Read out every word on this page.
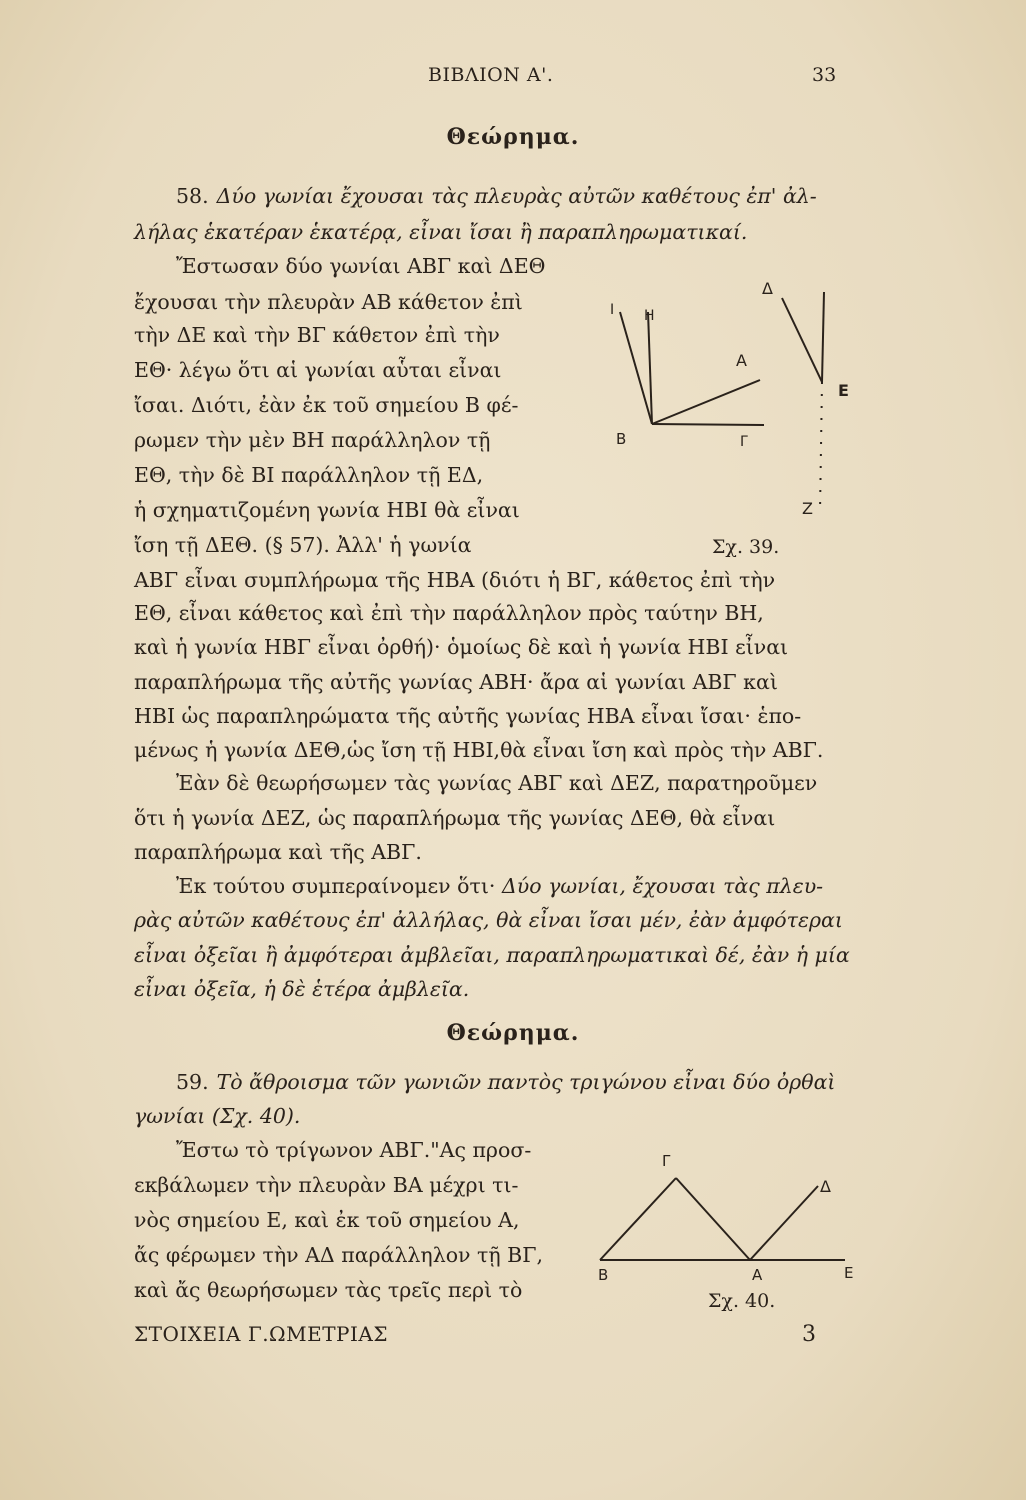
ΒΙΒΛΙΟΝ Α'.	33
Θεώρημα.
58. Δύο γωνίαι ἔχουσαι τὰς πλευρὰς αὐτῶν καθέτους ἐπ' ἀλ-
λήλας ἑκατέραν ἑκατέρᾳ, εἶναι ἴσαι ἢ παραπληρωματικαί.
Ἔστωσαν δύο γωνίαι ΑΒΓ καὶ ΔΕΘ
ἔχουσαι τὴν πλευρὰν ΑΒ κάθετον ἐπὶ
τὴν ΔΕ καὶ τὴν ΒΓ κάθετον ἐπὶ τὴν
ΕΘ· λέγω ὅτι αἱ γωνίαι αὗται εἶναι
ἴσαι. Διότι, ἐὰν ἐκ τοῦ σημείου Β φέ-
ρωμεν τὴν μὲν ΒΗ παράλληλον τῇ
ΕΘ, τὴν δὲ ΒΙ παράλληλον τῇ ΕΔ,
ἡ σχηματιζομένη γωνία ΗΒΙ θὰ εἶναι
ἴση τῇ ΔΕΘ. (§ 57). Ἀλλ' ἡ γωνία
Δ
Ι Η
Α
Ε
Β	Γ
Ζ
Σχ. 39.
ΑΒΓ εἶναι συμπλήρωμα τῆς ΗΒΑ (διότι ἡ ΒΓ, κάθετος ἐπὶ τὴν
ΕΘ, εἶναι κάθετος καὶ ἐπὶ τὴν παράλληλον πρὸς ταύτην ΒΗ,
καὶ ἡ γωνία ΗΒΓ εἶναι ὀρθή)· ὁμοίως δὲ καὶ ἡ γωνία ΗΒΙ εἶναι
παραπλήρωμα τῆς αὐτῆς γωνίας ΑΒΗ· ἄρα αἱ γωνίαι ΑΒΓ καὶ
ΗΒΙ ὡς παραπληρώματα τῆς αὐτῆς γωνίας ΗΒΑ εἶναι ἴσαι· ἑπο-
μένως ἡ γωνία ΔΕΘ,ὡς ἴση τῇ ΗΒΙ,θὰ εἶναι ἴση καὶ πρὸς τὴν ΑΒΓ.
Ἐὰν δὲ θεωρήσωμεν τὰς γωνίας ΑΒΓ καὶ ΔΕΖ, παρατηροῦμεν
ὅτι ἡ γωνία ΔΕΖ, ὡς παραπλήρωμα τῆς γωνίας ΔΕΘ, θὰ εἶναι
παραπλήρωμα καὶ τῆς ΑΒΓ.
Ἐκ τούτου συμπεραίνομεν ὅτι· Δύο γωνίαι, ἔχουσαι τὰς πλευ-
ρὰς αὐτῶν καθέτους ἐπ' ἀλλήλας, θὰ εἶναι ἴσαι μέν, ἐὰν ἀμφότεραι
εἶναι ὀξεῖαι ἢ ἀμφότεραι ἀμβλεῖαι, παραπληρωματικαὶ δέ, ἐὰν ἡ μία
εἶναι ὀξεῖα, ἡ δὲ ἑτέρα ἀμβλεῖα.
Θεώρημα.
59. Τὸ ἄθροισμα τῶν γωνιῶν παντὸς τριγώνου εἶναι δύο ὀρθαὶ
γωνίαι (Σχ. 40).
Ἔστω τὸ τρίγωνον ΑΒΓ."Ας προσ-
εκβάλωμεν τὴν πλευρὰν ΒΑ μέχρι τι-
νὸς σημείου Ε, καὶ ἐκ τοῦ σημείου Α,
ἄς φέρωμεν τὴν ΑΔ παράλληλον τῇ ΒΓ,
καὶ ἄς θεωρήσωμεν τὰς τρεῖς περὶ τὸ
Γ
Δ
Β	Α	Ε
Σχ. 40.
ΣΤΟΙΧΕΙΑ Γ.ΩΜΕΤΡΙΑΣ	3
